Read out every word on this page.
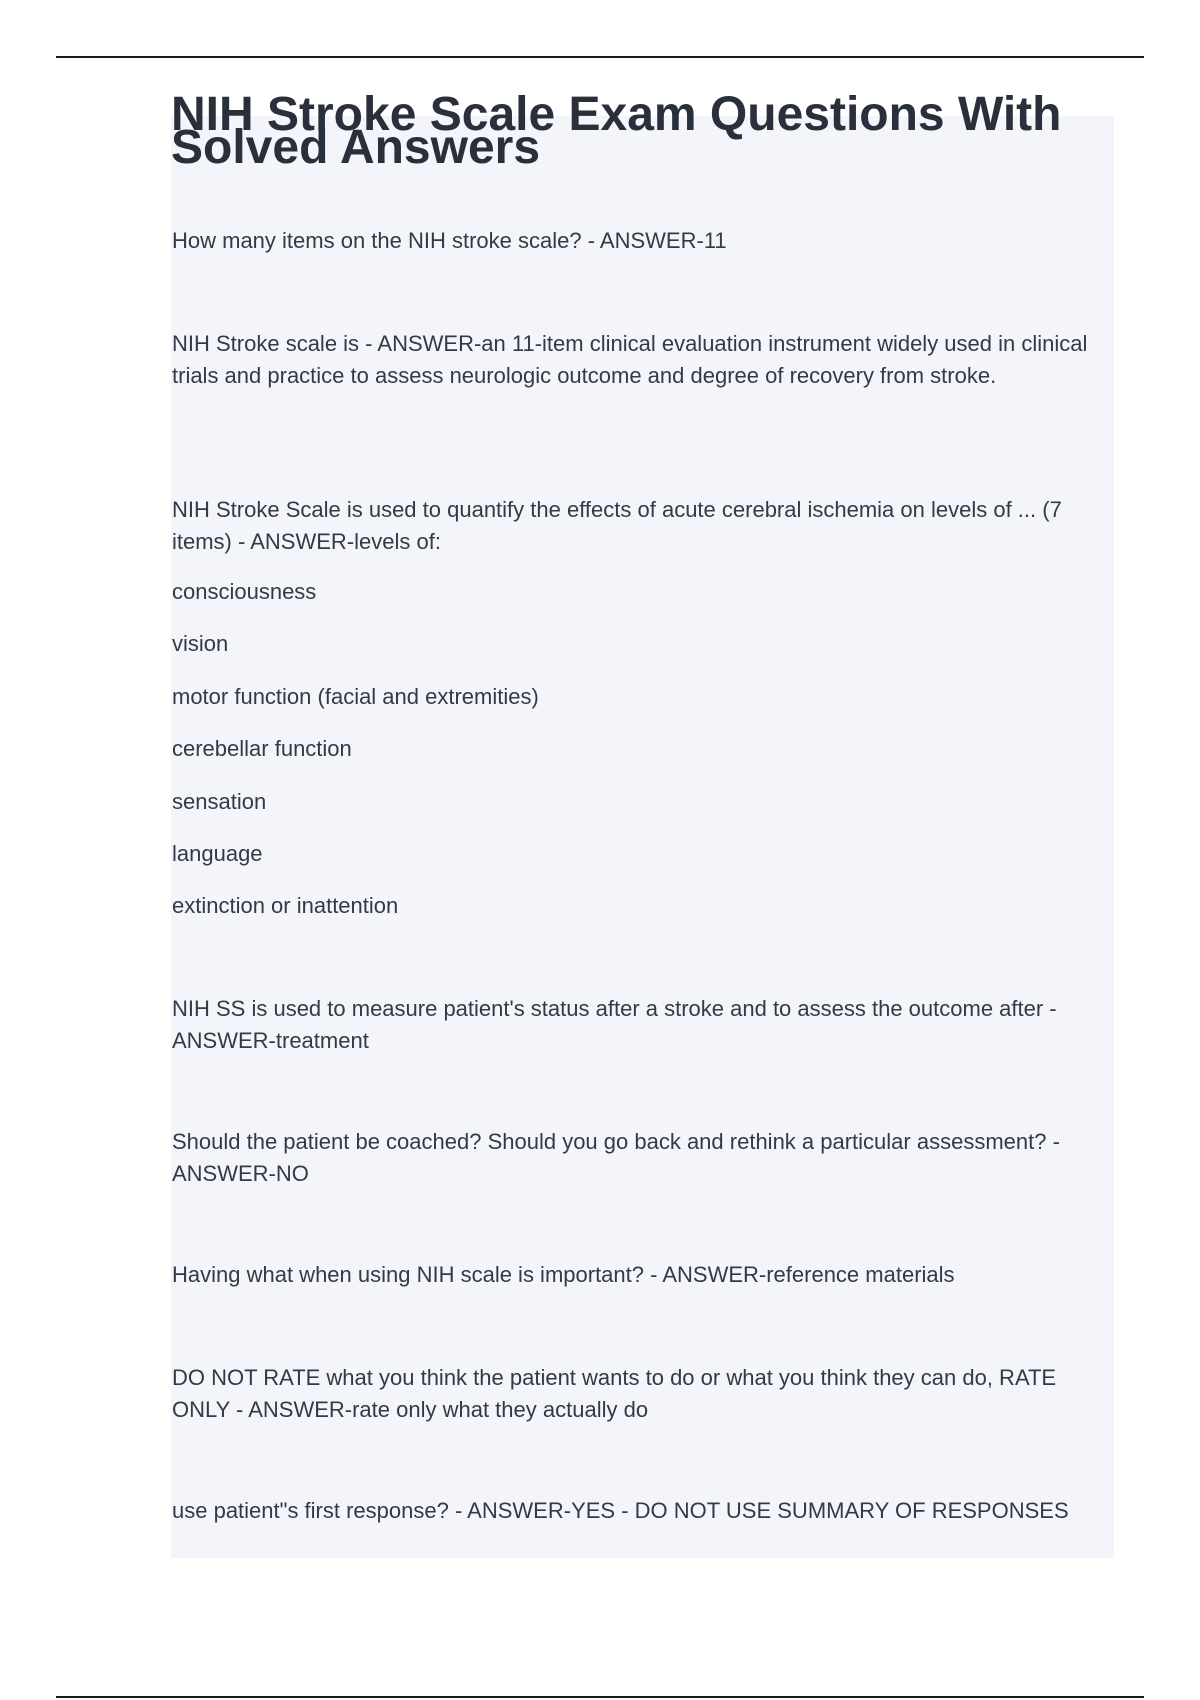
NIH Stroke Scale Exam Questions With Solved Answers

How many items on the NIH stroke scale? - ANSWER-11

NIH Stroke scale is - ANSWER-an 11-item clinical evaluation instrument widely used in clinical trials and practice to assess neurologic outcome and degree of recovery from stroke.

NIH Stroke Scale is used to quantify the effects of acute cerebral ischemia on levels of ... (7 items) - ANSWER-levels of:

consciousness

vision

motor function (facial and extremities)

cerebellar function

sensation

language

extinction or inattention

NIH SS is used to measure patient's status after a stroke and to assess the outcome after - ANSWER-treatment

Should the patient be coached? Should you go back and rethink a particular assessment? - ANSWER-NO

Having what when using NIH scale is important? - ANSWER-reference materials

DO NOT RATE what you think the patient wants to do or what you think they can do, RATE ONLY - ANSWER-rate only what they actually do

use patient"s first response? - ANSWER-YES - DO NOT USE SUMMARY OF RESPONSES
